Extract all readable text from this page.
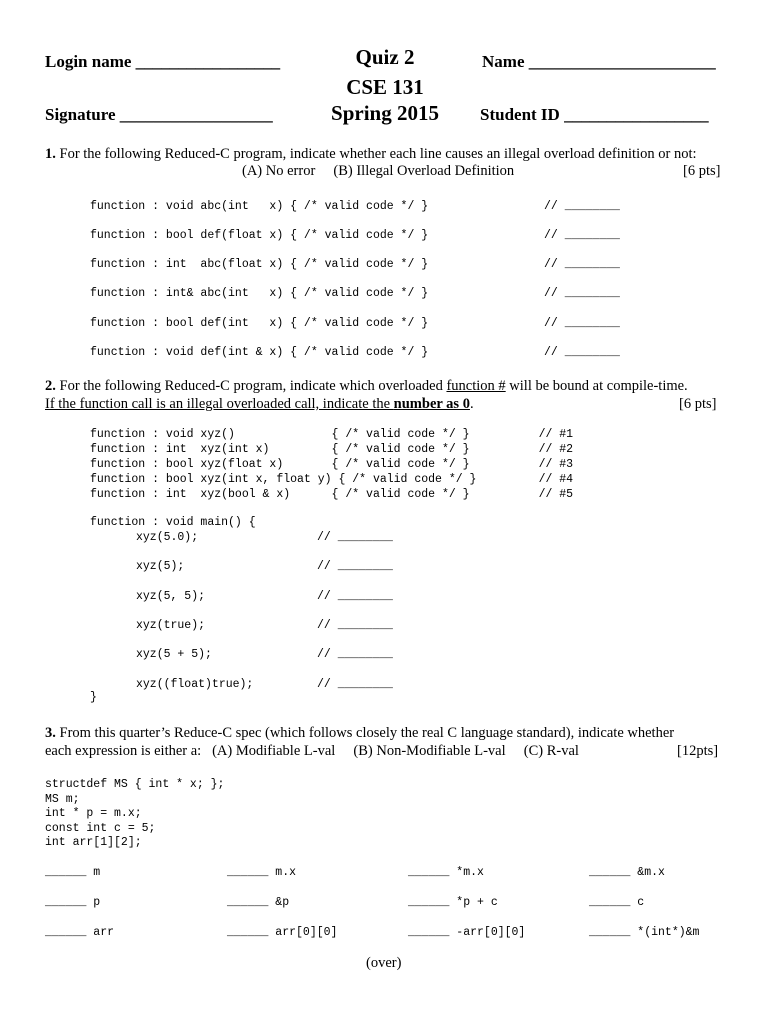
Login name _________________
Signature __________________
Quiz 2
CSE 131
Spring 2015
Name ______________________
Student ID _________________
1. For the following Reduced-C program, indicate whether each line causes an illegal overload definition or not:
(A) No error     (B) Illegal Overload Definition	[6 pts]
function : void abc(int   x) { /* valid code */ }	// ________
function : bool def(float x) { /* valid code */ }	// ________
function : int  abc(float x) { /* valid code */ }	// ________
function : int& abc(int   x) { /* valid code */ }	// ________
function : bool def(int   x) { /* valid code */ }	// ________
function : void def(int & x) { /* valid code */ }	// ________
2. For the following Reduced-C program, indicate which overloaded function # will be bound at compile-time.
If the function call is an illegal overloaded call, indicate the number as 0.	[6 pts]
function : void xyz()              { /* valid code */ }          // #1
function : int  xyz(int x)         { /* valid code */ }          // #2
function : bool xyz(float x)       { /* valid code */ }          // #3
function : bool xyz(int x, float y) { /* valid code */ }         // #4
function : int  xyz(bool & x)      { /* valid code */ }          // #5
function : void main() {
xyz(5.0);	// ________
xyz(5);	// ________
xyz(5, 5);	// ________
xyz(true);	// ________
xyz(5 + 5);	// ________
xyz((float)true);	// ________
}
3. From this quarter’s Reduce-C spec (which follows closely the real C language standard), indicate whether
each expression is either a:   (A) Modifiable L-val     (B) Non-Modifiable L-val     (C) R-val	[12pts]
structdef MS { int * x; };
MS m;
int * p = m.x;
const int c = 5;
int arr[1][2];
______ m	______ m.x	______ *m.x	______ &m.x
______ p	______ &p	______ *p + c	______ c
______ arr	______ arr[0][0]	______ -arr[0][0]	______ *(int*)&m
(over)
